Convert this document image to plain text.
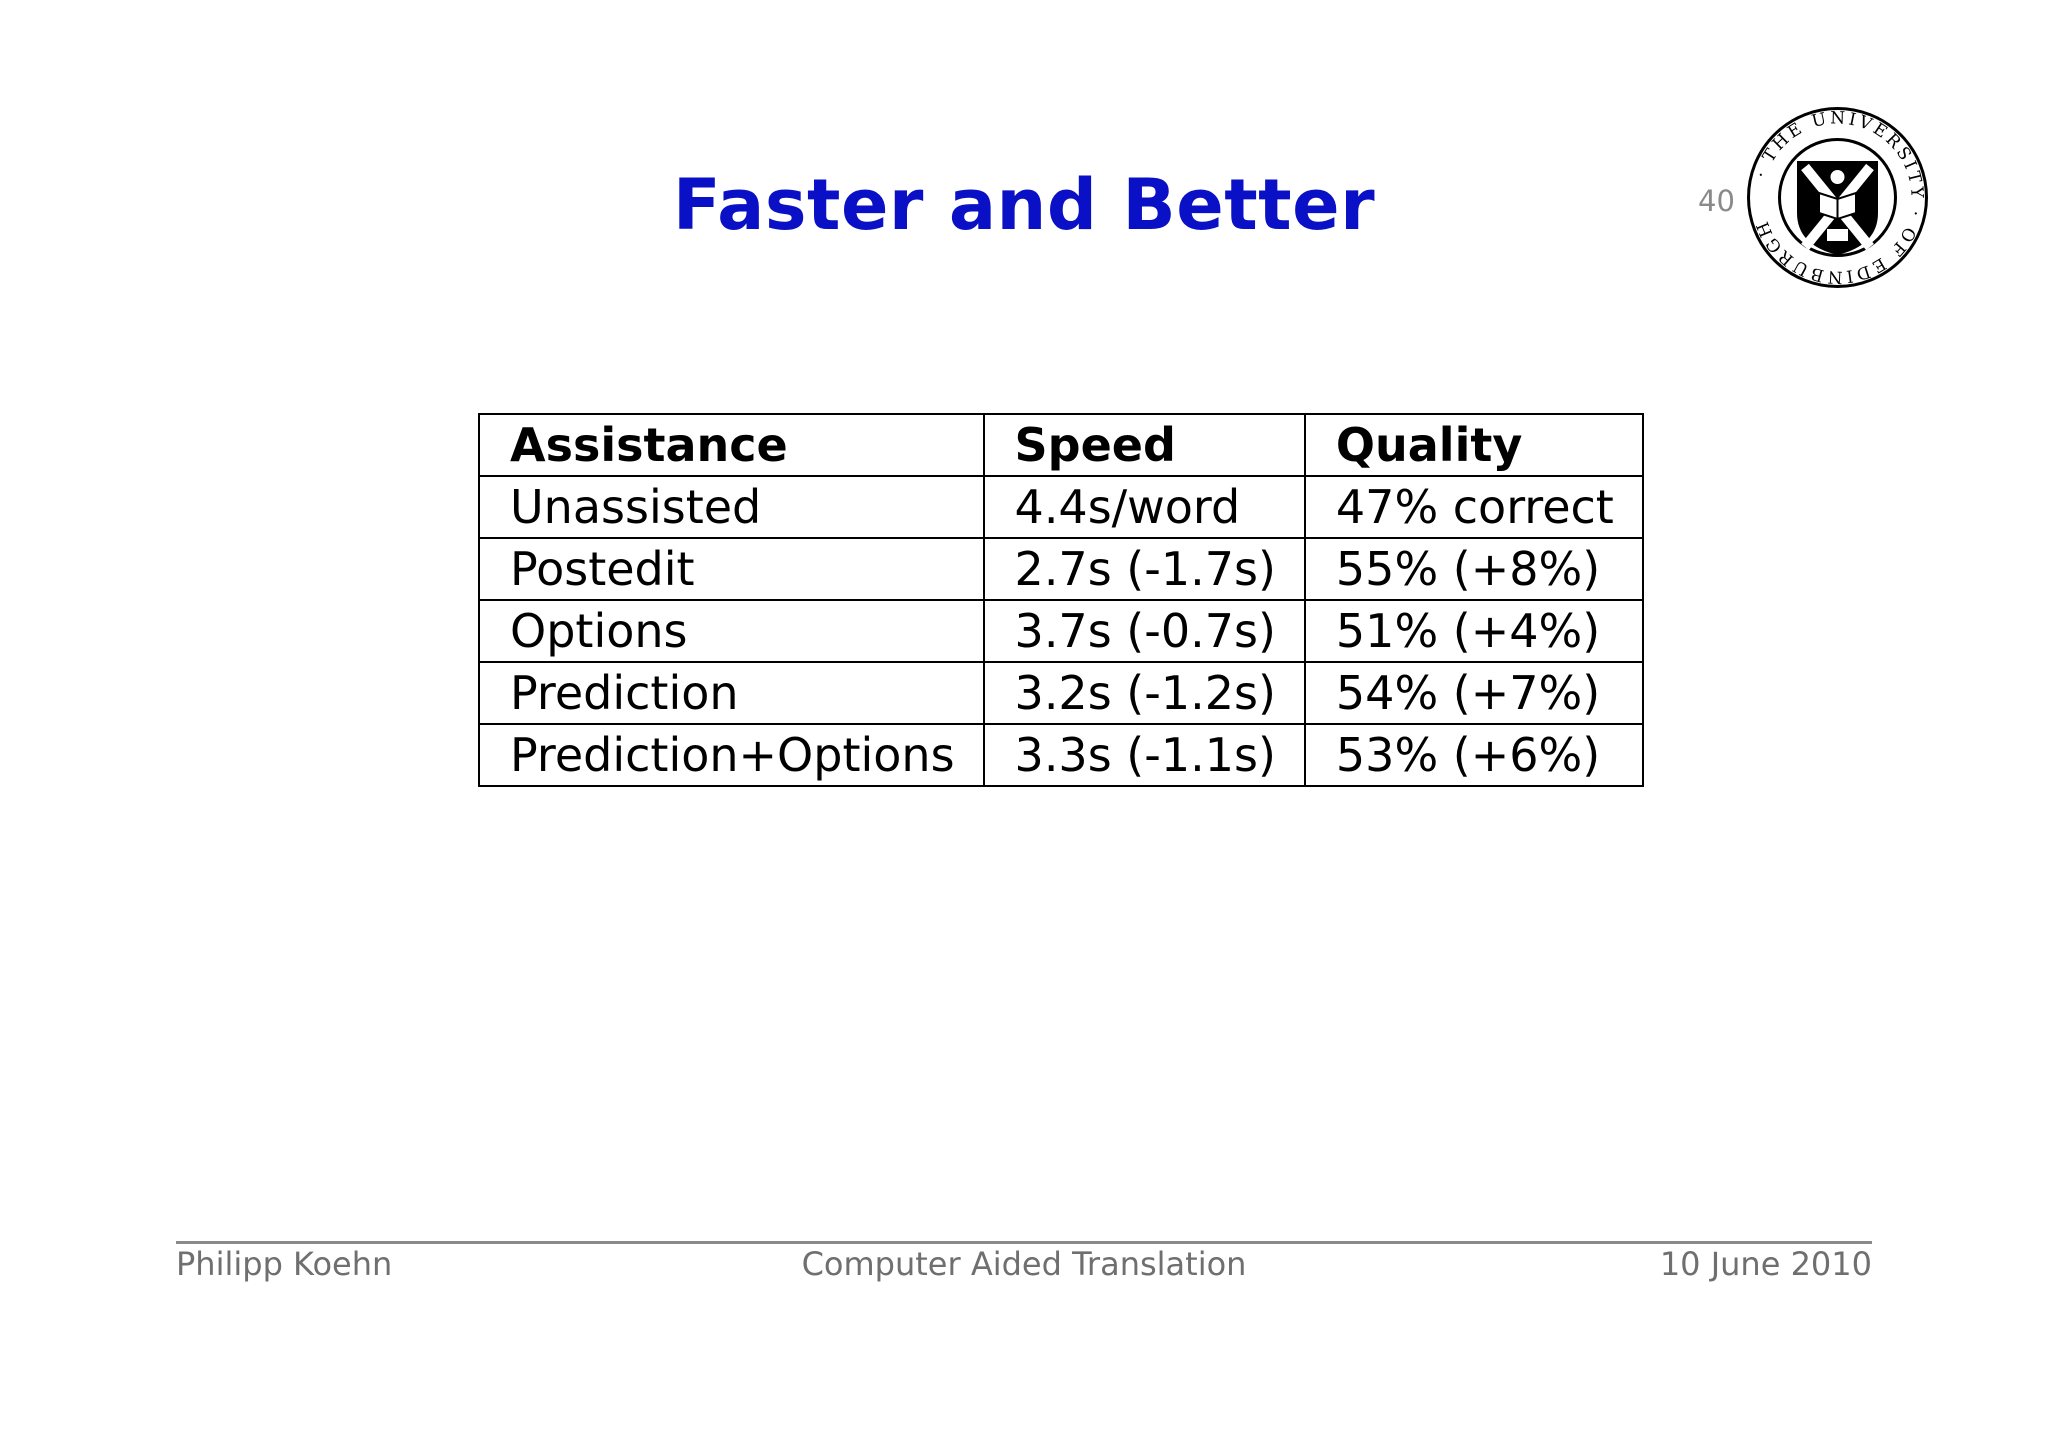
Faster and Better	40
· THE UNIVERSITY · OF EDINBURGH
Assistance	Speed	Quality
Unassisted	4.4s/word	47% correct
Postedit	2.7s (-1.7s)	55% (+8%)
Options	3.7s (-0.7s)	51% (+4%)
Prediction	3.2s (-1.2s)	54% (+7%)
Prediction+Options	3.3s (-1.1s)	53% (+6%)
Philipp Koehn	Computer Aided Translation	10 June 2010
